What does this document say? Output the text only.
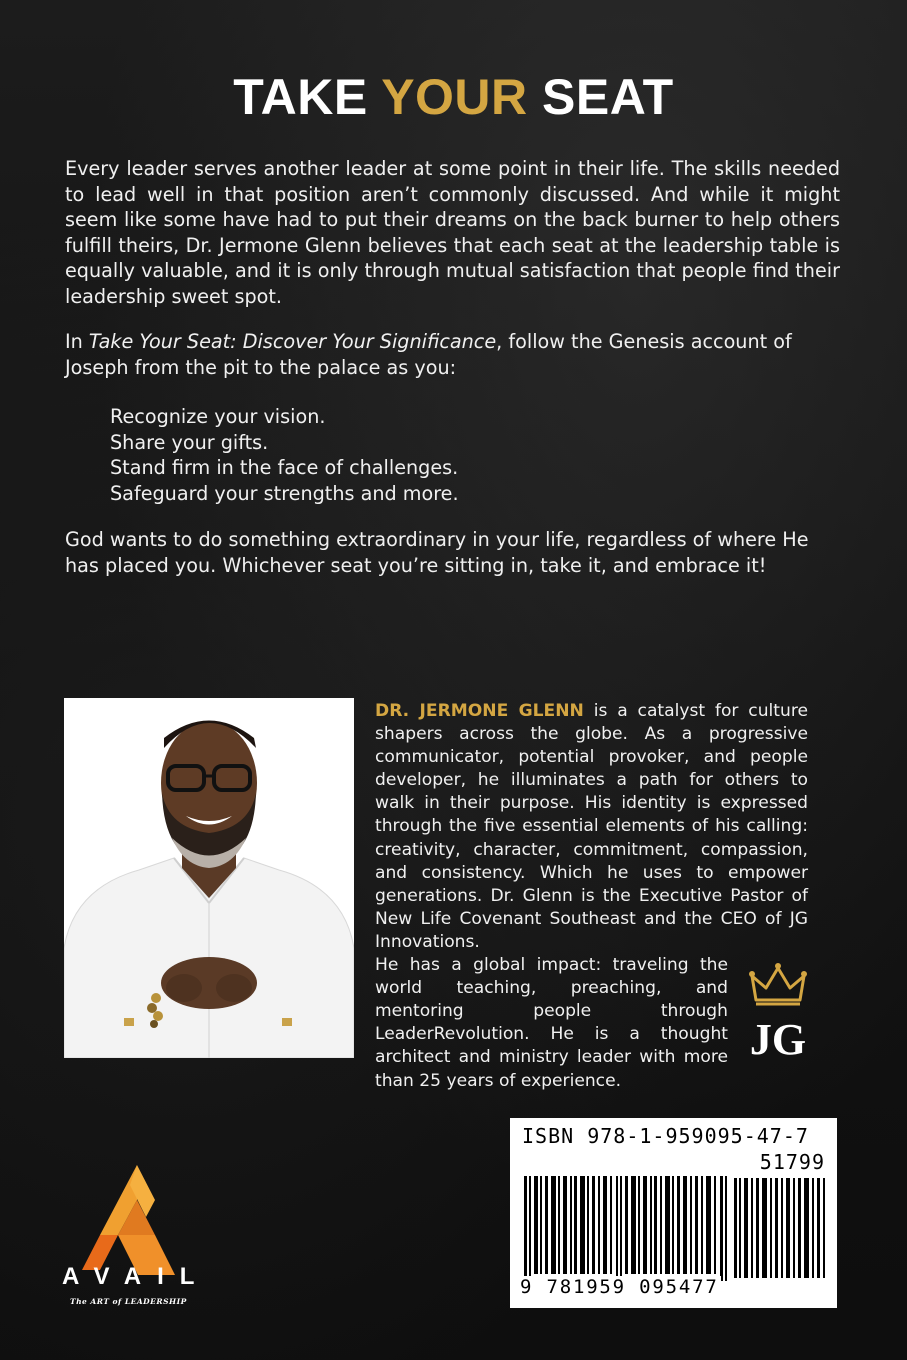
TAKE YOUR SEAT

Every leader serves another leader at some point in their life. The skills needed to lead well in that position aren’t commonly discussed. And while it might seem like some have had to put their dreams on the back burner to help others fulfill theirs, Dr. Jermone Glenn believes that each seat at the leadership table is equally valuable, and it is only through mutual satisfaction that people find their leadership sweet spot.

In Take Your Seat: Discover Your Significance, follow the Genesis account of Joseph from the pit to the palace as you:

Recognize your vision.
Share your gifts.
Stand firm in the face of challenges.
Safeguard your strengths and more.

God wants to do something extraordinary in your life, regardless of where He has placed you. Whichever seat you’re sitting in, take it, and embrace it!

DR. JERMONE GLENN is a catalyst for culture shapers across the globe. As a progressive communicator, potential provoker, and people developer, he illuminates a path for others to walk in their purpose. His identity is expressed through the five essential elements of his calling: creativity, character, commitment, compassion, and consistency. Which he uses to empower generations. Dr. Glenn is the Executive Pastor of New Life Covenant Southeast and the CEO of JG Innovations.
He has a global impact: traveling the world teaching, preaching, and mentoring people through LeaderRevolution. He is a thought architect and ministry leader with more than 25 years of experience.

JG

AVAIL

The ART of LEADERSHIP

ISBN 978-1-959095-47-7

51799

9 781959 095477
